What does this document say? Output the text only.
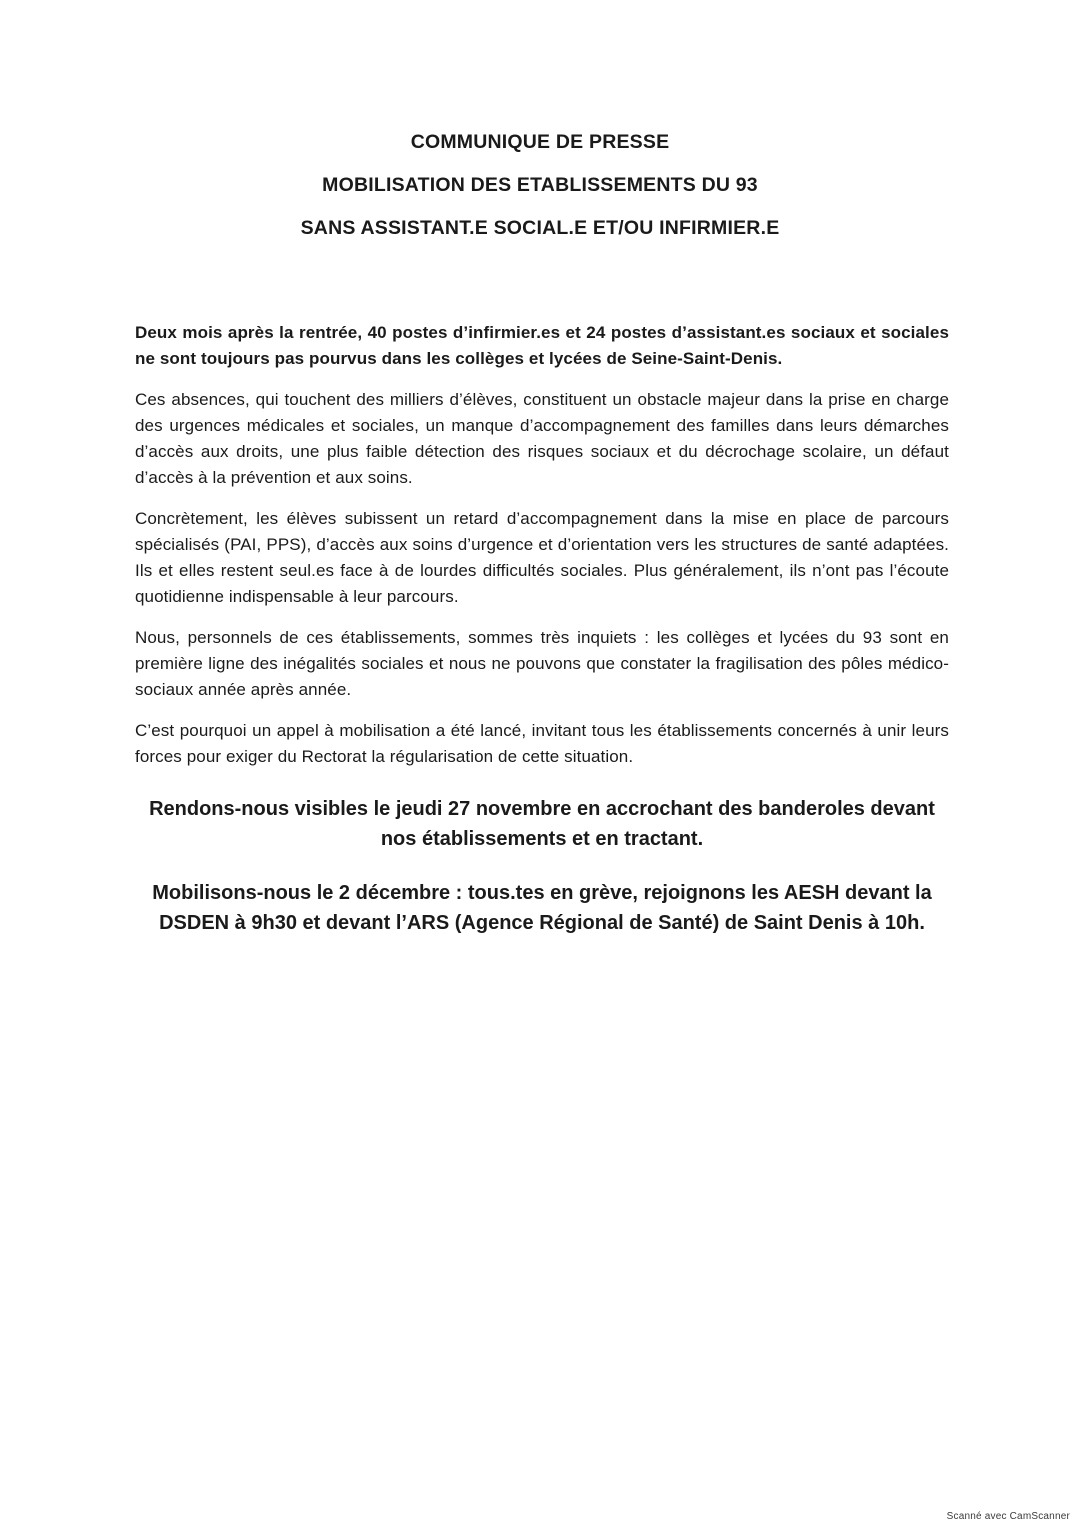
COMMUNIQUE DE PRESSE
MOBILISATION DES ETABLISSEMENTS DU 93
SANS ASSISTANT.E SOCIAL.E ET/OU INFIRMIER.E

Deux mois après la rentrée, 40 postes d’infirmier.es et 24 postes d’assistant.es sociaux et sociales ne sont toujours pas pourvus dans les collèges et lycées de Seine-Saint-Denis.

Ces absences, qui touchent des milliers d’élèves, constituent un obstacle majeur dans la prise en charge des urgences médicales et sociales, un manque d’accompagnement des familles dans leurs démarches d’accès aux droits, une plus faible détection des risques sociaux et du décrochage scolaire, un défaut d’accès à la prévention et aux soins.

Concrètement, les élèves subissent un retard d’accompagnement dans la mise en place de parcours spécialisés (PAI, PPS), d’accès aux soins d’urgence et d’orientation vers les structures de santé adaptées. Ils et elles restent seul.es face à de lourdes difficultés sociales. Plus généralement, ils n’ont pas l’écoute quotidienne indispensable à leur parcours.

Nous, personnels de ces établissements, sommes très inquiets : les collèges et lycées du 93 sont en première ligne des inégalités sociales et nous ne pouvons que constater la fragilisation des pôles médico-sociaux année après année.

C’est pourquoi un appel à mobilisation a été lancé, invitant tous les établissements concernés à unir leurs forces pour exiger du Rectorat la régularisation de cette situation.

Rendons-nous visibles le jeudi 27 novembre en accrochant des banderoles devant nos établissements et en tractant.

Mobilisons-nous le 2 décembre : tous.tes en grève, rejoignons les AESH devant la DSDEN à 9h30 et devant l’ARS (Agence Régional de Santé) de Saint Denis à 10h.

Scanné avec CamScanner
